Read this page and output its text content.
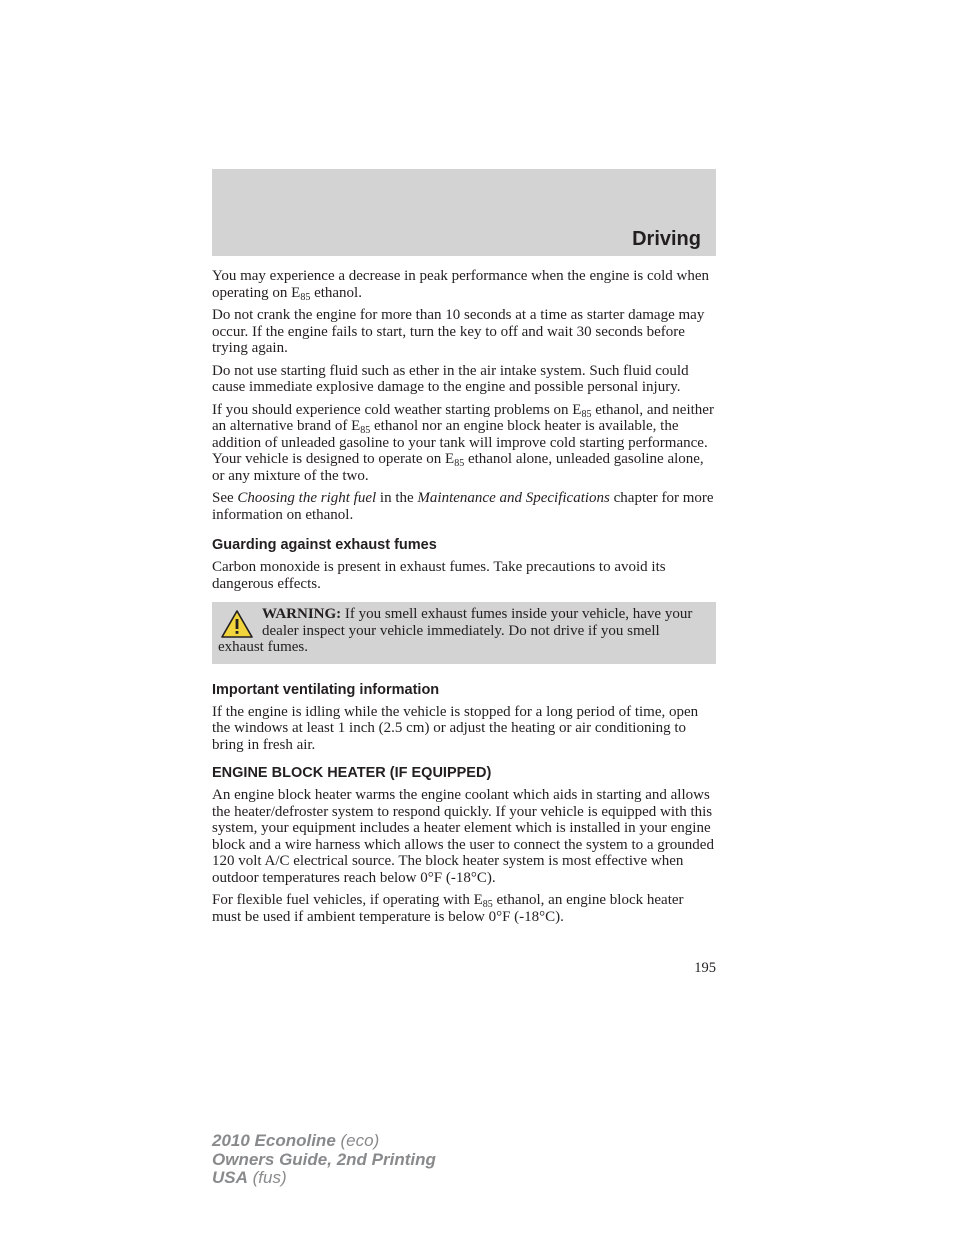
Driving

You may experience a decrease in peak performance when the engine is cold when operating on $E_{85}$ ethanol.

Do not crank the engine for more than 10 seconds at a time as starter damage may occur. If the engine fails to start, turn the key to off and wait 30 seconds before trying again.

Do not use starting fluid such as ether in the air intake system. Such fluid could cause immediate explosive damage to the engine and possible personal injury.

If you should experience cold weather starting problems on $E_{85}$ ethanol, and neither an alternative brand of $E_{85}$ ethanol nor an engine block heater is available, the addition of unleaded gasoline to your tank will improve cold starting performance. Your vehicle is designed to operate on $E_{85}$ ethanol alone, unleaded gasoline alone, or any mixture of the two.

See Choosing the right fuel in the Maintenance and Specifications chapter for more information on ethanol.

Guarding against exhaust fumes

Carbon monoxide is present in exhaust fumes. Take precautions to avoid its dangerous effects.

WARNING: If you smell exhaust fumes inside your vehicle, have your dealer inspect your vehicle immediately. Do not drive if you smell exhaust fumes.
Important ventilating information

If the engine is idling while the vehicle is stopped for a long period of time, open the windows at least 1 inch (2.5 cm) or adjust the heating or air conditioning to bring in fresh air.

ENGINE BLOCK HEATER (IF EQUIPPED)

An engine block heater warms the engine coolant which aids in starting and allows the heater/defroster system to respond quickly. If your vehicle is equipped with this system, your equipment includes a heater element which is installed in your engine block and a wire harness which allows the user to connect the system to a grounded 120 volt A/C electrical source. The block heater system is most effective when outdoor temperatures reach below 0°F (-18°C).

For flexible fuel vehicles, if operating with $E_{85}$ ethanol, an engine block heater must be used if ambient temperature is below 0°F (-18°C).

195
2010 Econoline (eco)
Owners Guide, 2nd Printing
USA (fus)
